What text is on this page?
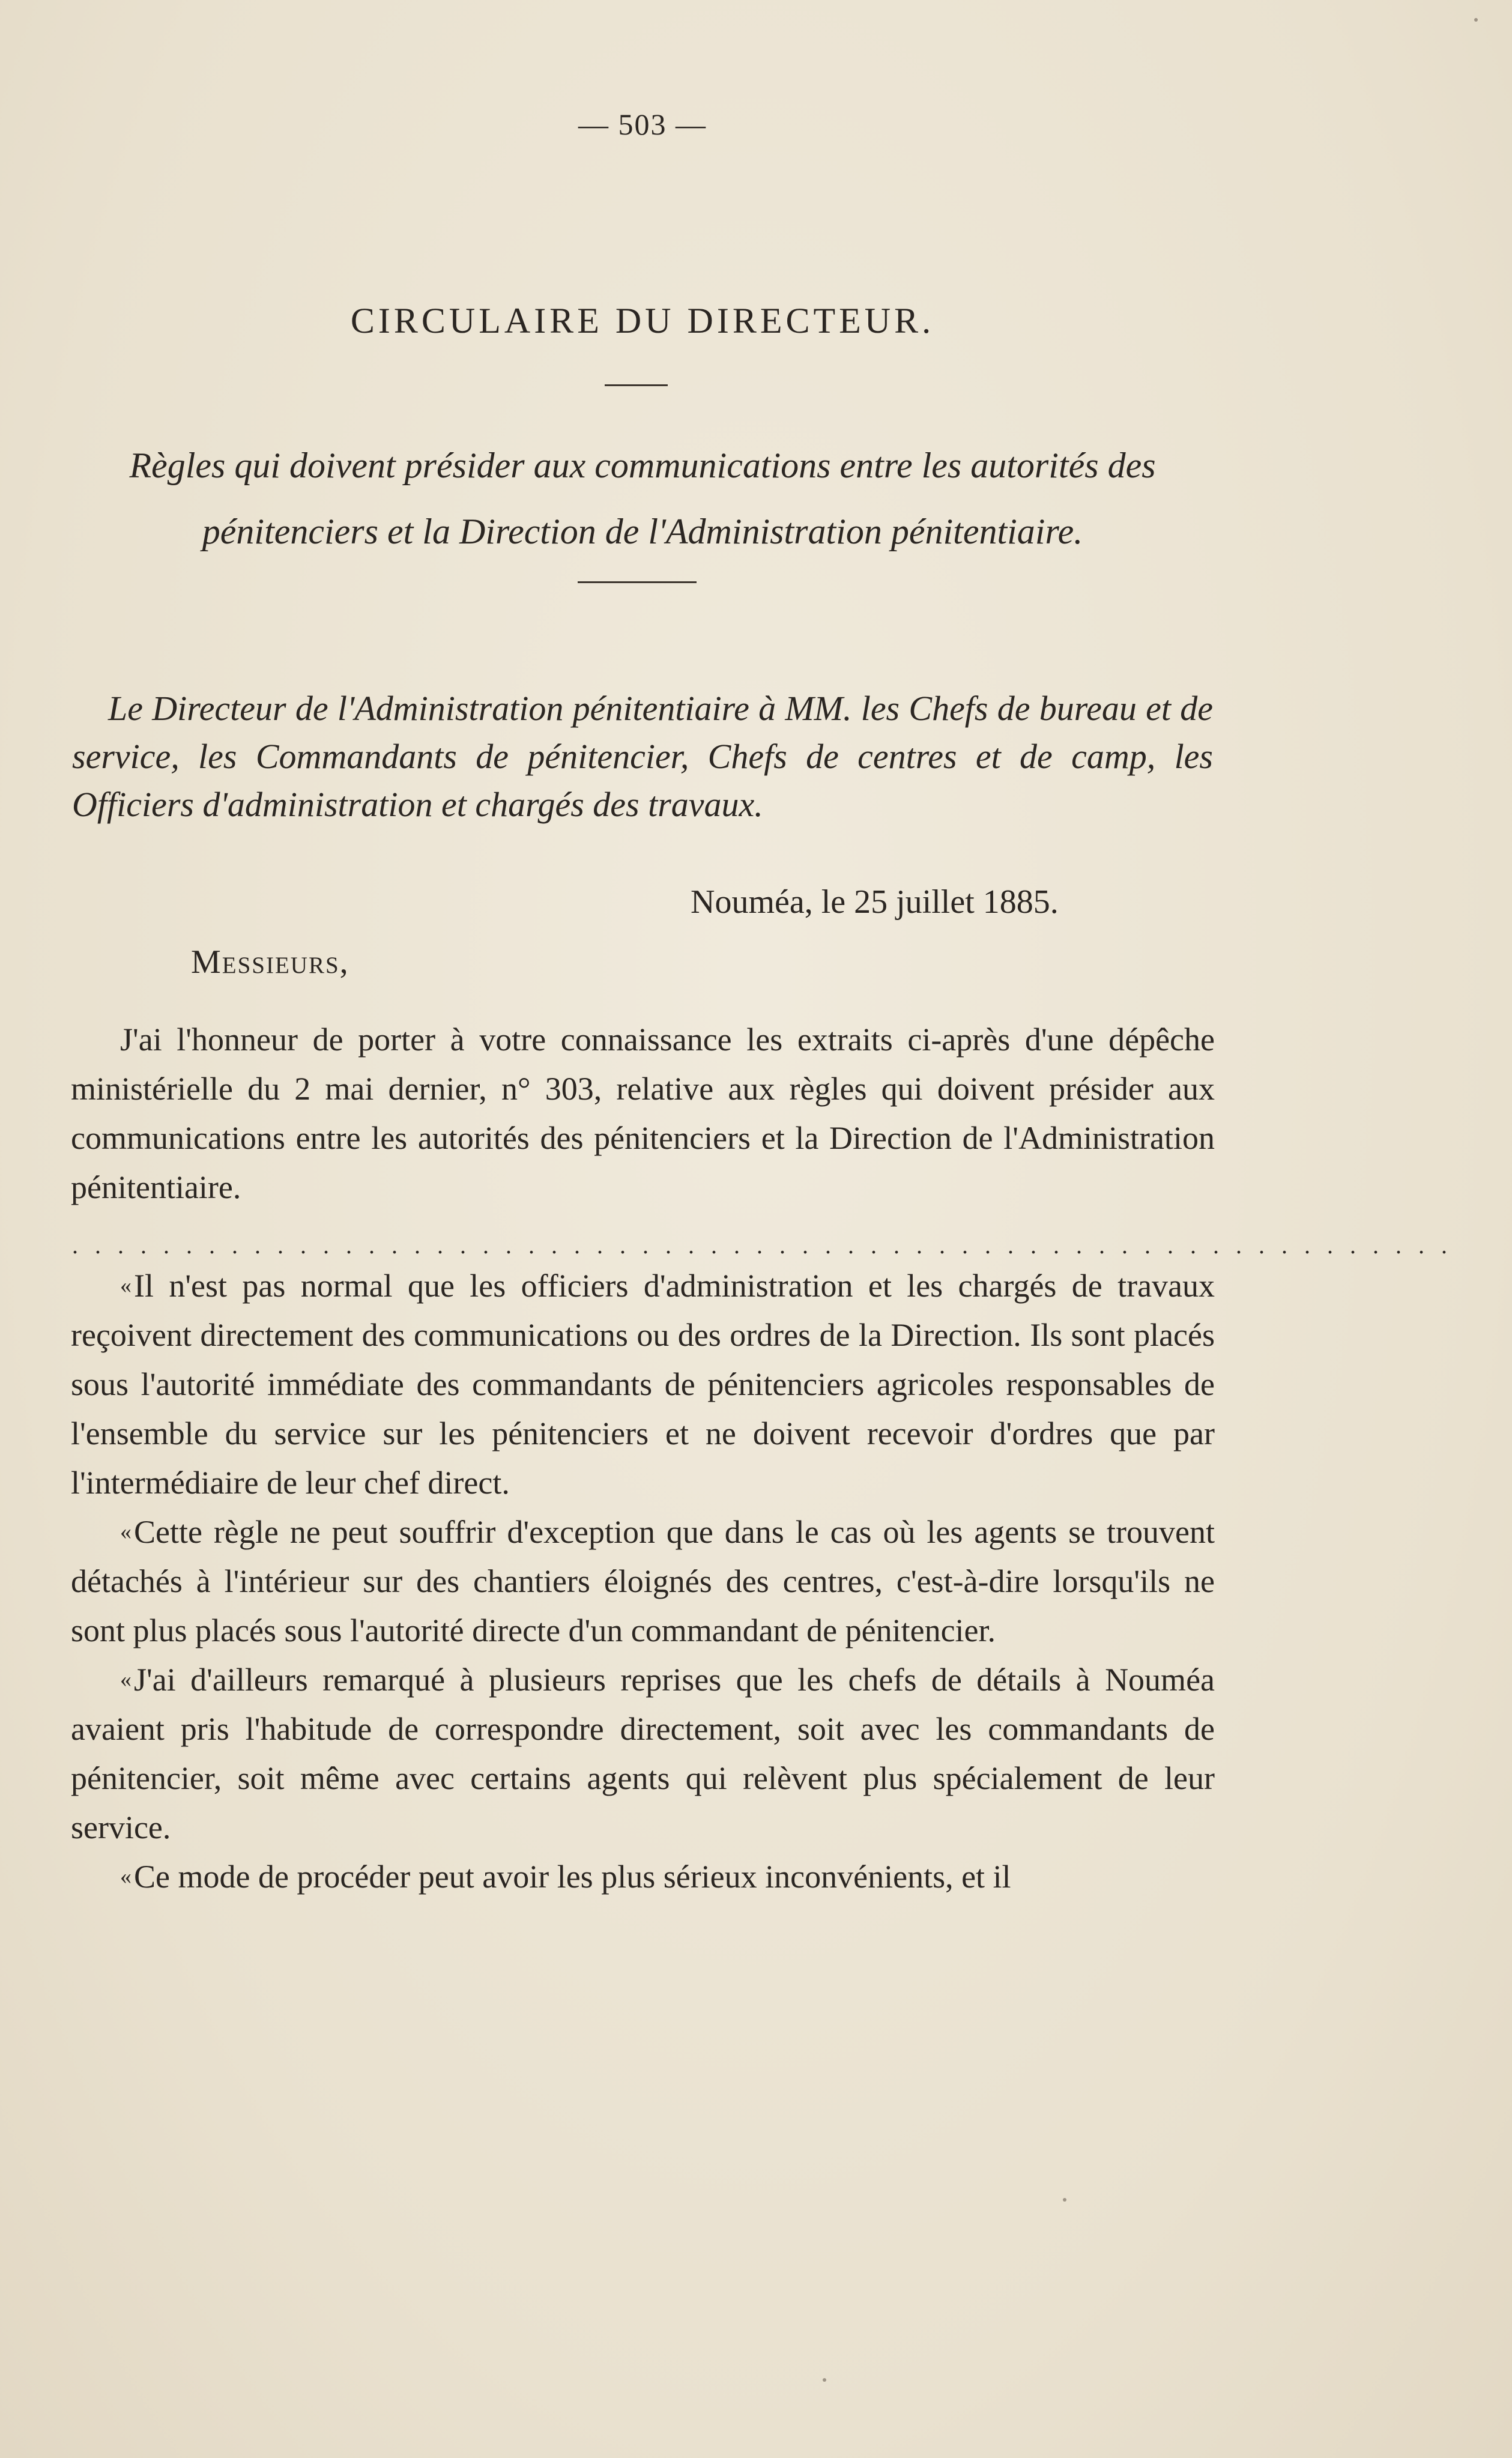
— 503 —
CIRCULAIRE DU DIRECTEUR.
Règles qui doivent présider aux communications entre les autorités des pénitenciers et la Direction de l'Administration pénitentiaire.
Le Directeur de l'Administration pénitentiaire à MM. les Chefs de bureau et de service, les Commandants de pénitencier, Chefs de centres et de camp, les Officiers d'administration et chargés des travaux.
Nouméa, le 25 juillet 1885.
Messieurs,

J'ai l'honneur de porter à votre connaissance les extraits ci-après d'une dépêche ministérielle du 2 mai dernier, n° 303, relative aux règles qui doivent présider aux communications entre les autorités des pénitenciers et la Direction de l'Administration pénitentiaire.

. . . . . . . . . . . . . . . . . . . . . . . . . . . . . . . . . . . . . . . . . . . . . . . . . . . . . . . . . . . . .

«Il n'est pas normal que les officiers d'administration et les chargés de travaux reçoivent directement des communications ou des ordres de la Direction. Ils sont placés sous l'autorité immédiate des commandants de pénitenciers agricoles responsables de l'ensemble du service sur les pénitenciers et ne doivent recevoir d'ordres que par l'intermédiaire de leur chef direct.

«Cette règle ne peut souffrir d'exception que dans le cas où les agents se trouvent détachés à l'intérieur sur des chantiers éloignés des centres, c'est-à-dire lorsqu'ils ne sont plus placés sous l'autorité directe d'un commandant de pénitencier.

«J'ai d'ailleurs remarqué à plusieurs reprises que les chefs de détails à Nouméa avaient pris l'habitude de correspondre directement, soit avec les commandants de pénitencier, soit même avec certains agents qui relèvent plus spécialement de leur service.

«Ce mode de procéder peut avoir les plus sérieux inconvénients, et il
